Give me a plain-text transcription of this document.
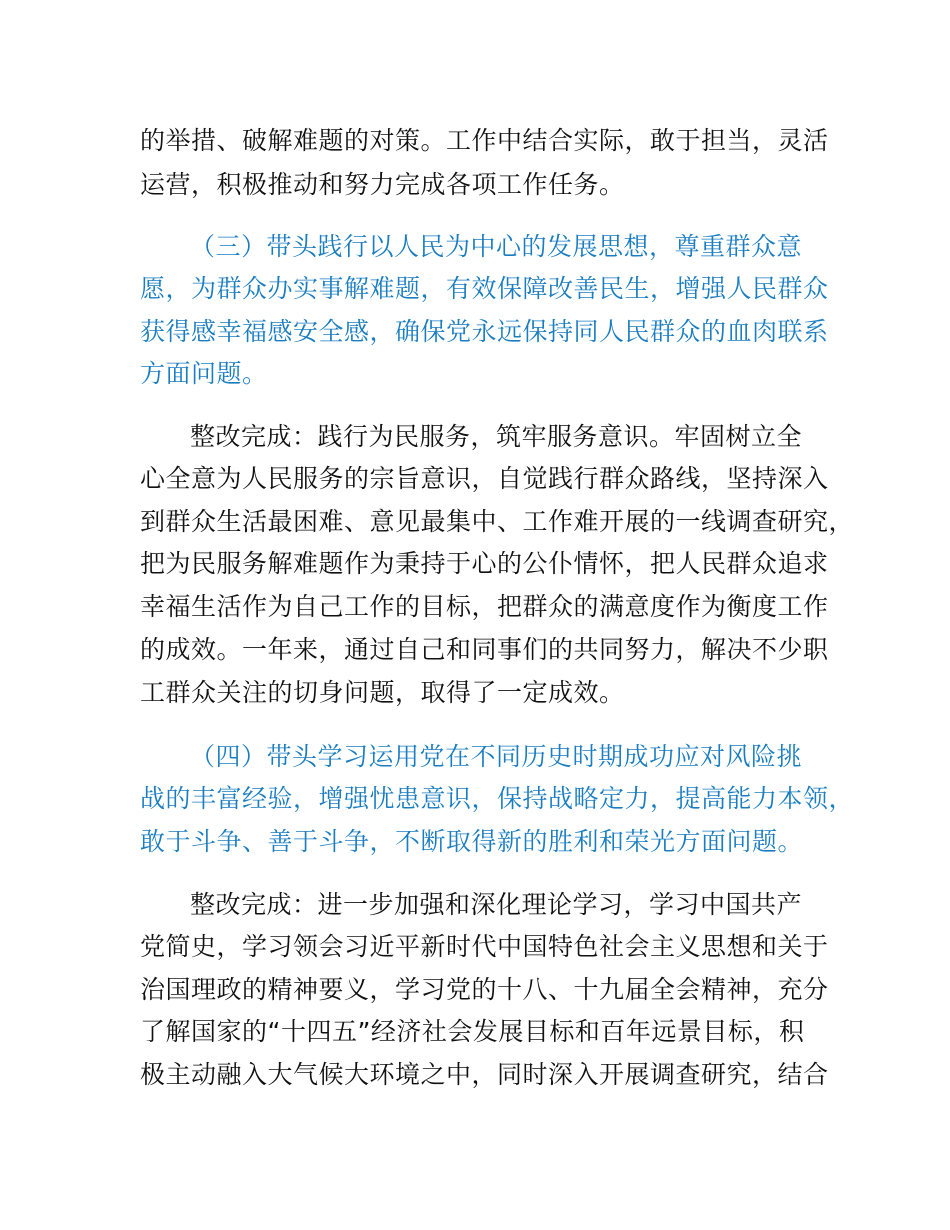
的举措、破解难题的对策。工作中结合实际，敢于担当，灵活
运营，积极推动和努力完成各项工作任务。
（三）带头践行以人民为中心的发展思想，尊重群众意
愿，为群众办实事解难题，有效保障改善民生，增强人民群众
获得感幸福感安全感，确保党永远保持同人民群众的血肉联系
方面问题。
整改完成：践行为民服务，筑牢服务意识。牢固树立全
心全意为人民服务的宗旨意识，自觉践行群众路线，坚持深入
到群众生活最困难、意见最集中、工作难开展的一线调查研究，
把为民服务解难题作为秉持于心的公仆情怀，把人民群众追求
幸福生活作为自己工作的目标，把群众的满意度作为衡度工作
的成效。一年来，通过自己和同事们的共同努力，解决不少职
工群众关注的切身问题，取得了一定成效。
（四）带头学习运用党在不同历史时期成功应对风险挑
战的丰富经验，增强忧患意识，保持战略定力，提高能力本领，
敢于斗争、善于斗争，不断取得新的胜利和荣光方面问题。
整改完成：进一步加强和深化理论学习，学习中国共产
党简史，学习领会习近平新时代中国特色社会主义思想和关于
治国理政的精神要义，学习党的十八、十九届全会精神，充分
了解国家的“十四五”经济社会发展目标和百年远景目标，积
极主动融入大气候大环境之中，同时深入开展调查研究，结合
